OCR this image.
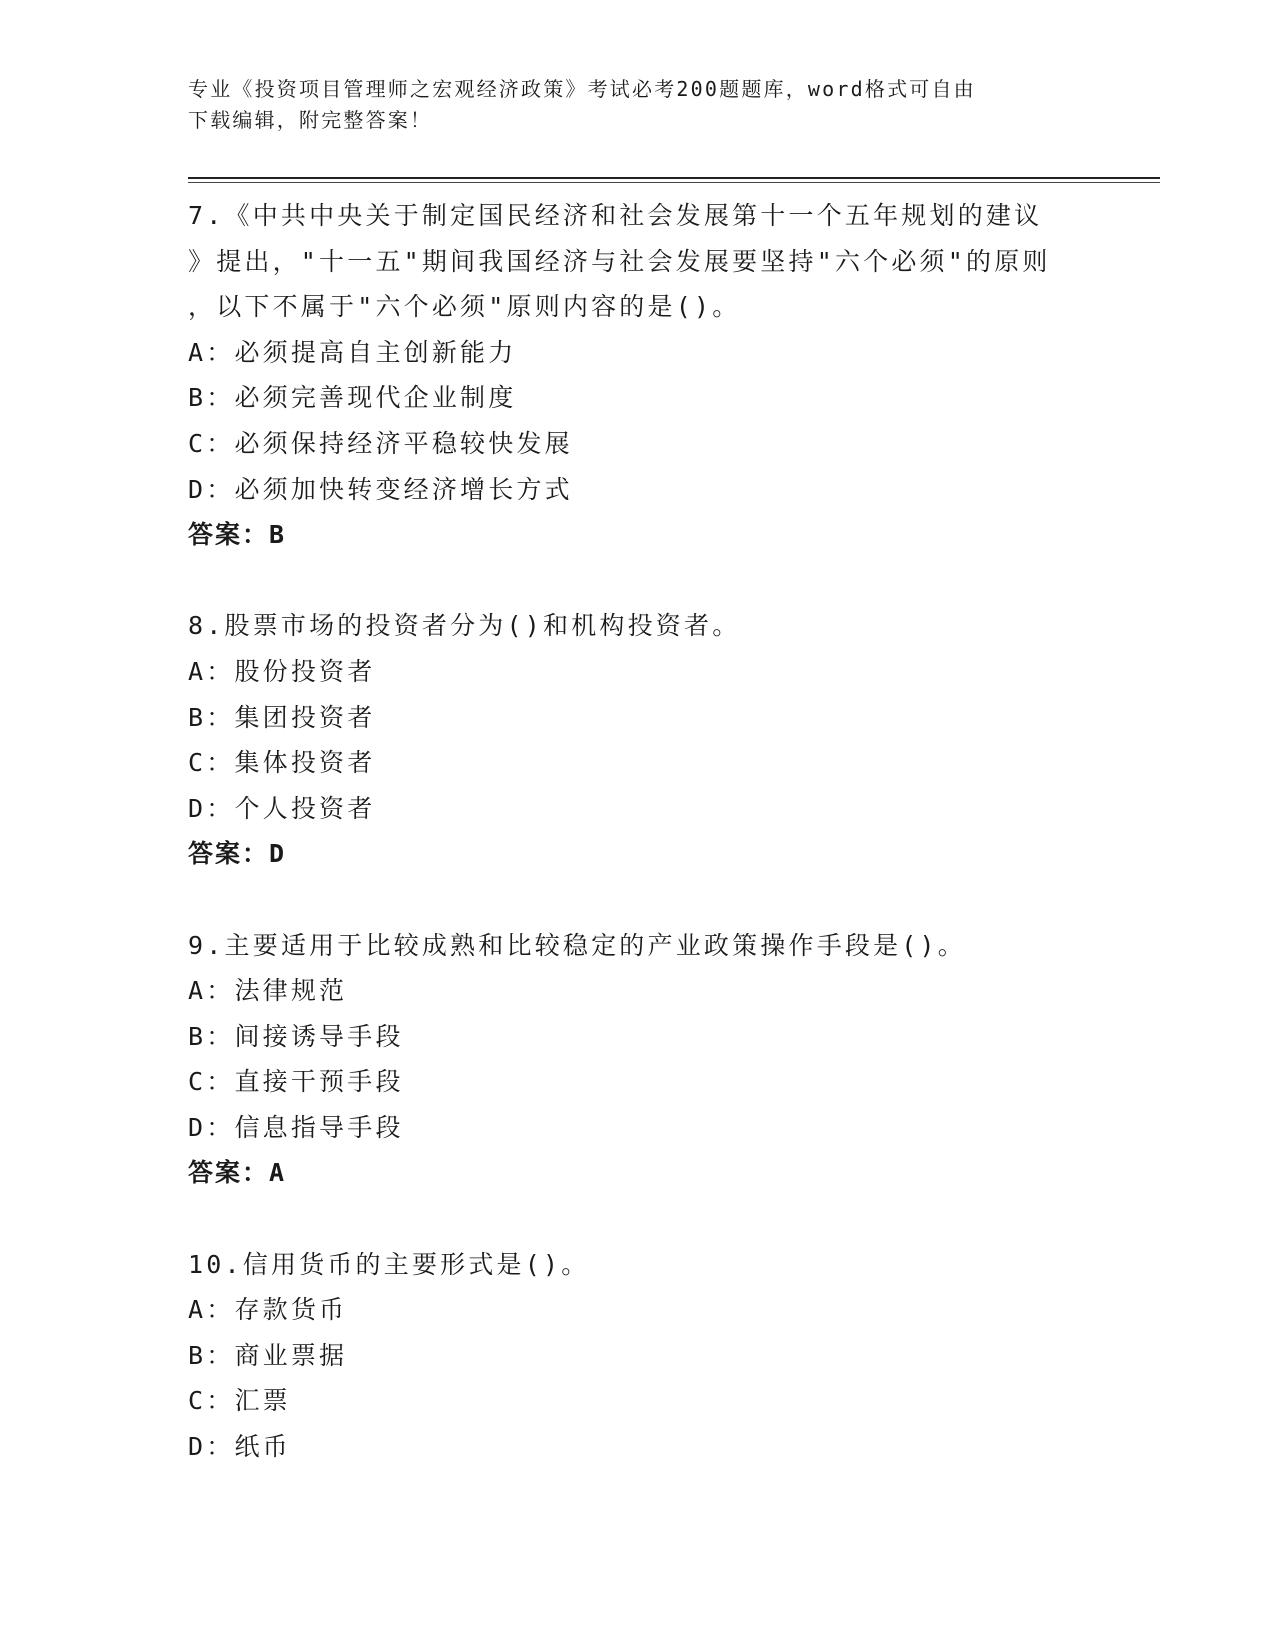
专业《投资项目管理师之宏观经济政策》考试必考200题题库，word格式可自由
下载编辑，附完整答案！
7.《中共中央关于制定国民经济和社会发展第十一个五年规划的建议
》提出，"十一五"期间我国经济与社会发展要坚持"六个必须"的原则
，以下不属于"六个必须"原则内容的是()。
A：必须提高自主创新能力
B：必须完善现代企业制度
C：必须保持经济平稳较快发展
D：必须加快转变经济增长方式
答案：B
8.股票市场的投资者分为()和机构投资者。
A：股份投资者
B：集团投资者
C：集体投资者
D：个人投资者
答案：D
9.主要适用于比较成熟和比较稳定的产业政策操作手段是()。
A：法律规范
B：间接诱导手段
C：直接干预手段
D：信息指导手段
答案：A
10.信用货币的主要形式是()。
A：存款货币
B：商业票据
C：汇票
D：纸币
